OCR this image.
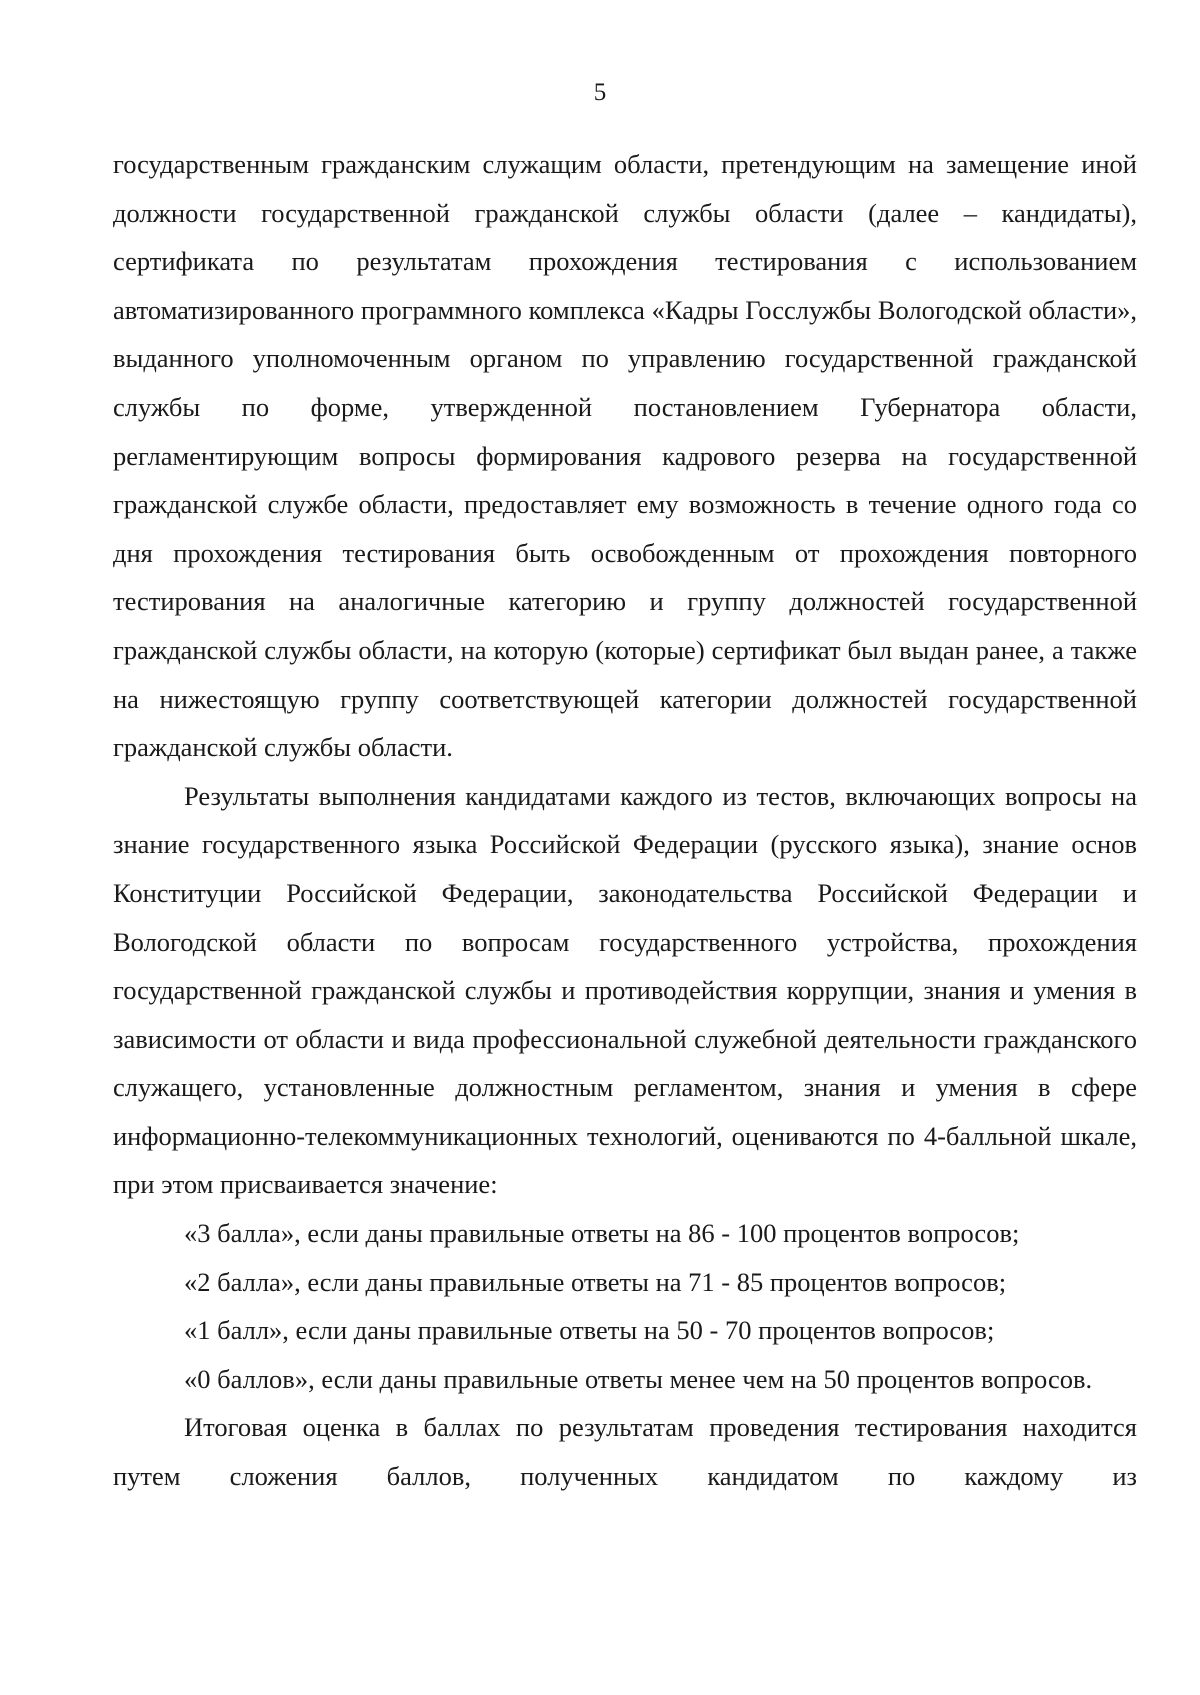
5

государственным гражданским служащим области, претендующим на замещение иной должности государственной гражданской службы области (далее – кандидаты), сертификата по результатам прохождения тестирования с использованием автоматизированного программного комплекса «Кадры Госслужбы Вологодской области», выданного уполномоченным органом по управлению государственной гражданской службы по форме, утвержденной постановлением Губернатора области, регламентирующим вопросы формирования кадрового резерва на государственной гражданской службе области, предоставляет ему возможность в течение одного года со дня прохождения тестирования быть освобожденным от прохождения повторного тестирования на аналогичные категорию и группу должностей государственной гражданской службы области, на которую (которые) сертификат был выдан ранее, а также на нижестоящую группу соответствующей категории должностей государственной гражданской службы области.

Результаты выполнения кандидатами каждого из тестов, включающих вопросы на знание государственного языка Российской Федерации (русского языка), знание основ Конституции Российской Федерации, законодательства Российской Федерации и Вологодской области по вопросам государственного устройства, прохождения государственной гражданской службы и противодействия коррупции, знания и умения в зависимости от области и вида профессиональной служебной деятельности гражданского служащего, установленные должностным регламентом, знания и умения в сфере информационно-телекоммуникационных технологий, оцениваются по 4-балльной шкале, при этом присваивается значение:

«3 балла», если даны правильные ответы на 86 - 100 процентов вопросов;

«2 балла», если даны правильные ответы на 71 - 85 процентов вопросов;

«1 балл», если даны правильные ответы на 50 - 70 процентов вопросов;

«0 баллов», если даны правильные ответы менее чем на 50 процентов вопросов.

Итоговая оценка в баллах по результатам проведения тестирования находится путем сложения баллов, полученных кандидатом по каждому из
